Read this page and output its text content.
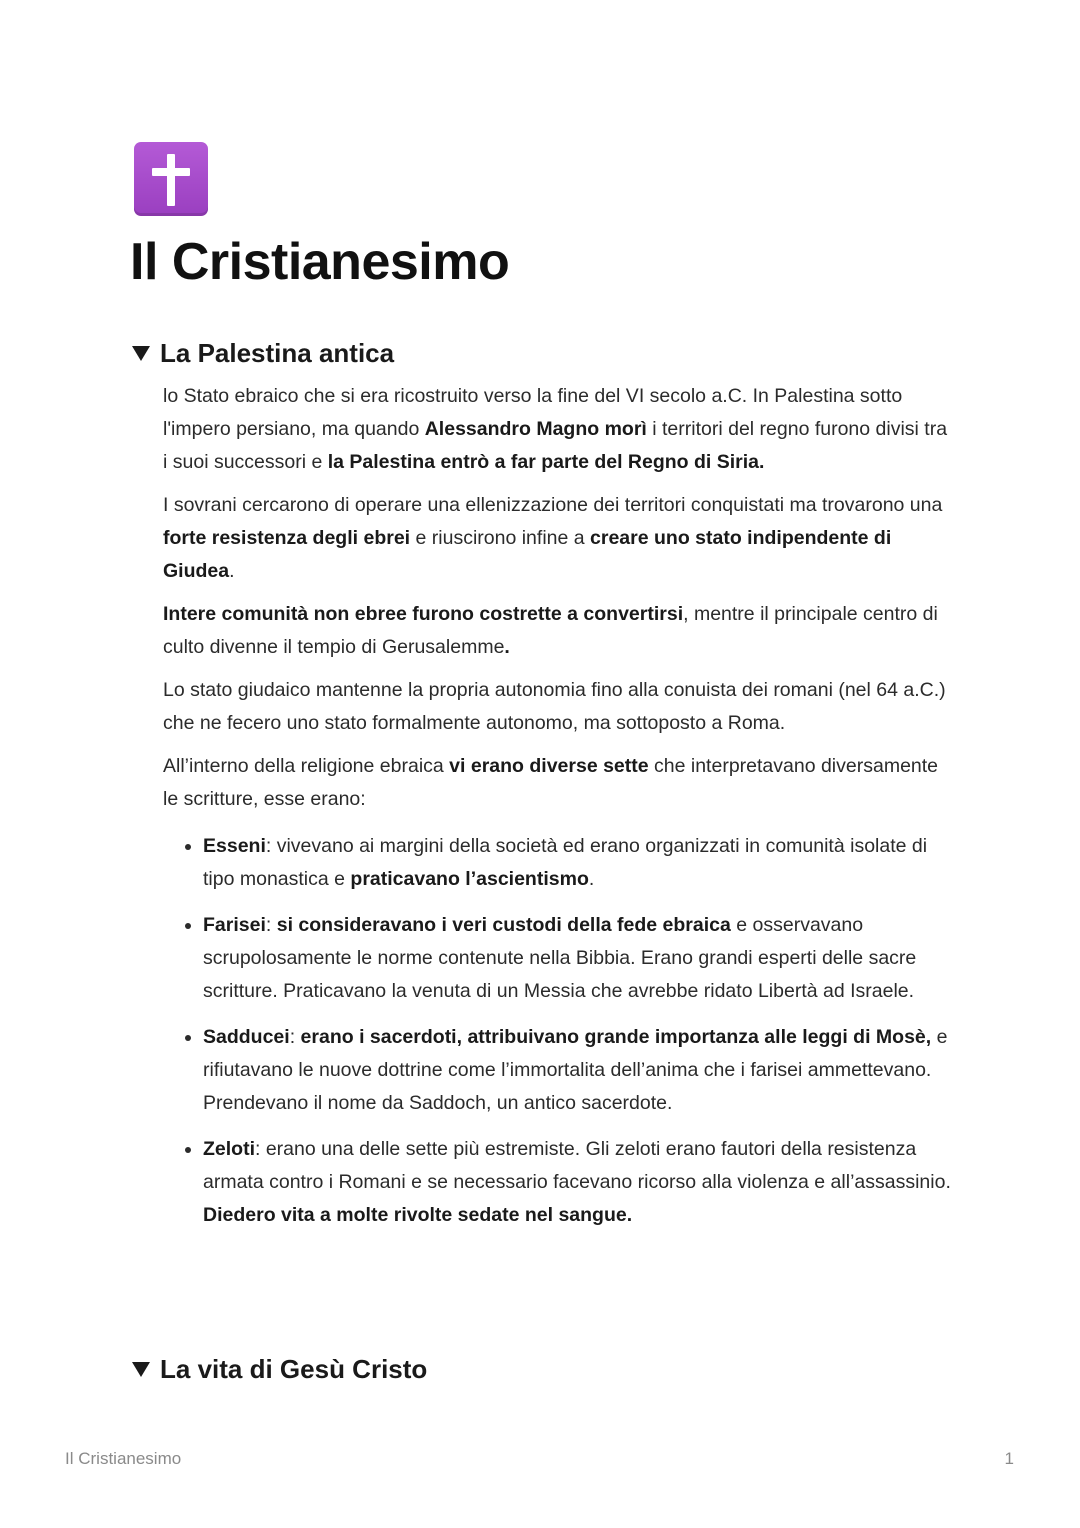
Il Cristianesimo
La Palestina antica

lo Stato ebraico che si era ricostruito verso la fine del VI secolo a.C. In Palestina sotto l'impero persiano, ma quando Alessandro Magno morì i territori del regno furono divisi tra i suoi successori e la Palestina entrò a far parte del Regno di Siria.

I sovrani cercarono di operare una ellenizzazione dei territori conquistati ma trovarono una forte resistenza degli ebrei e riuscirono infine a creare uno stato indipendente di Giudea.

Intere comunità non ebree furono costrette a convertirsi, mentre il principale centro di culto divenne il tempio di Gerusalemme.

Lo stato giudaico mantenne la propria autonomia fino alla conuista dei romani (nel 64 a.C.) che ne fecero uno stato formalmente autonomo, ma sottoposto a Roma.

All’interno della religione ebraica vi erano diverse sette che interpretavano diversamente le scritture, esse erano:

• Esseni: vivevano ai margini della società ed erano organizzati in comunità isolate di tipo monastica e praticavano l’ascientismo.
• Farisei: si consideravano i veri custodi della fede ebraica e osservavano scrupolosamente le norme contenute nella Bibbia. Erano grandi esperti delle sacre scritture. Praticavano la venuta di un Messia che avrebbe ridato Libertà ad Israele.
• Sadducei: erano i sacerdoti, attribuivano grande importanza alle leggi di Mosè, e rifiutavano le nuove dottrine come l’immortalita dell’anima che i farisei ammettevano. Prendevano il nome da Saddoch, un antico sacerdote.
• Zeloti: erano una delle sette più estremiste. Gli zeloti erano fautori della resistenza armata contro i Romani e se necessario facevano ricorso alla violenza e all’assassinio. Diedero vita a molte rivolte sedate nel sangue.
La vita di Gesù Cristo
Il Cristianesimo	1
